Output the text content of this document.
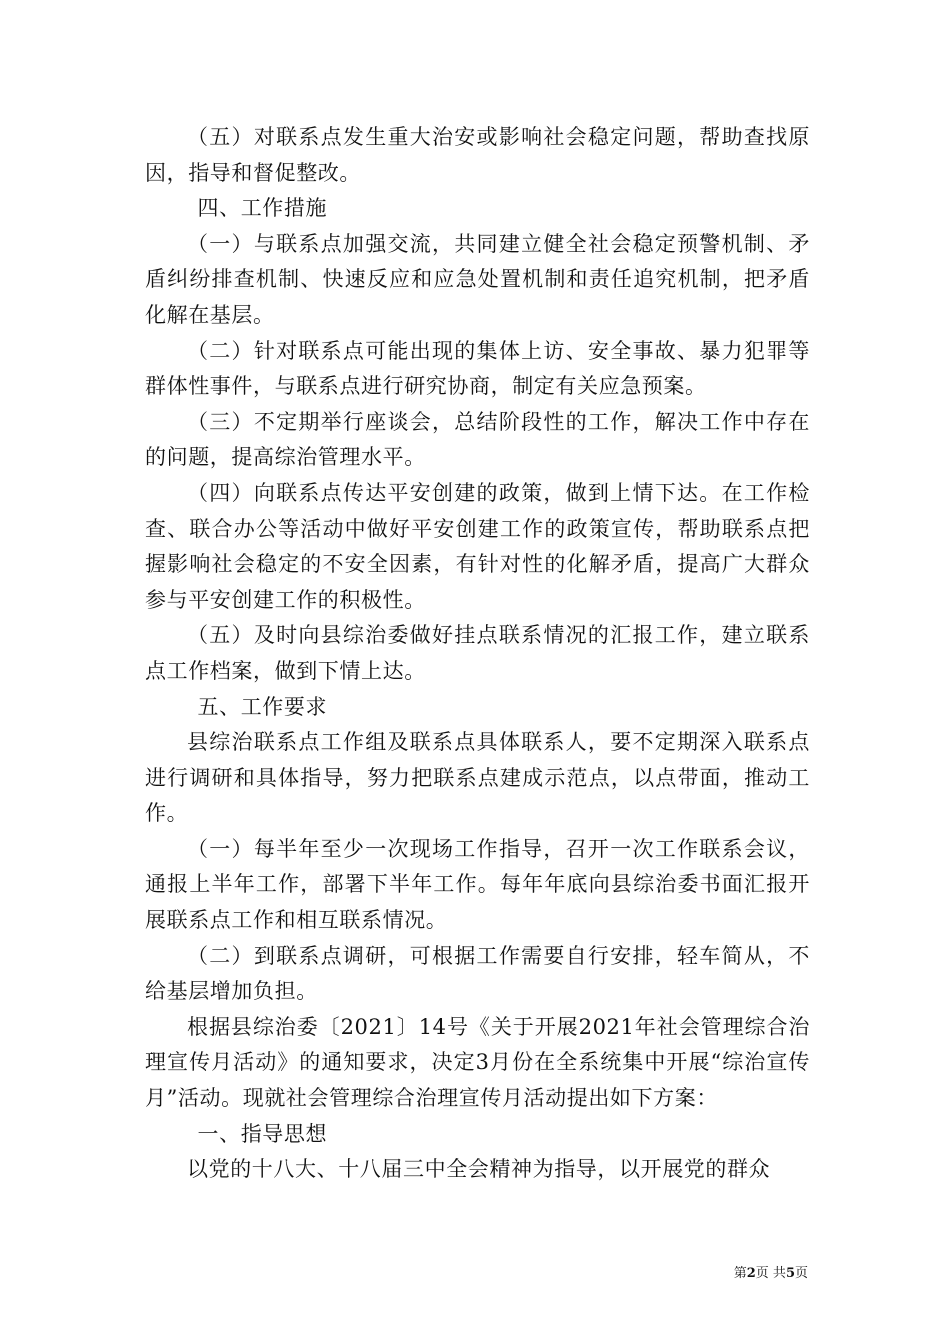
（五）对联系点发生重大治安或影响社会稳定问题，帮助查找原因，指导和督促整改。

四、工作措施

（一）与联系点加强交流，共同建立健全社会稳定预警机制、矛盾纠纷排查机制、快速反应和应急处置机制和责任追究机制，把矛盾化解在基层。

（二）针对联系点可能出现的集体上访、安全事故、暴力犯罪等群体性事件，与联系点进行研究协商，制定有关应急预案。

（三）不定期举行座谈会，总结阶段性的工作，解决工作中存在的问题，提高综治管理水平。

（四）向联系点传达平安创建的政策，做到上情下达。在工作检查、联合办公等活动中做好平安创建工作的政策宣传，帮助联系点把握影响社会稳定的不安全因素，有针对性的化解矛盾，提高广大群众参与平安创建工作的积极性。

（五）及时向县综治委做好挂点联系情况的汇报工作，建立联系点工作档案，做到下情上达。

五、工作要求

县综治联系点工作组及联系点具体联系人，要不定期深入联系点进行调研和具体指导，努力把联系点建成示范点，以点带面，推动工作。

（一）每半年至少一次现场工作指导，召开一次工作联系会议，通报上半年工作，部署下半年工作。每年年底向县综治委书面汇报开展联系点工作和相互联系情况。

（二）到联系点调研，可根据工作需要自行安排，轻车简从，不给基层增加负担。

根据县综治委〔2021〕14号《关于开展2021年社会管理综合治理宣传月活动》的通知要求，决定3月份在全系统集中开展“综治宣传月”活动。现就社会管理综合治理宣传月活动提出如下方案：

一、指导思想

以党的十八大、十八届三中全会精神为指导，以开展党的群众

第2页 共5页
